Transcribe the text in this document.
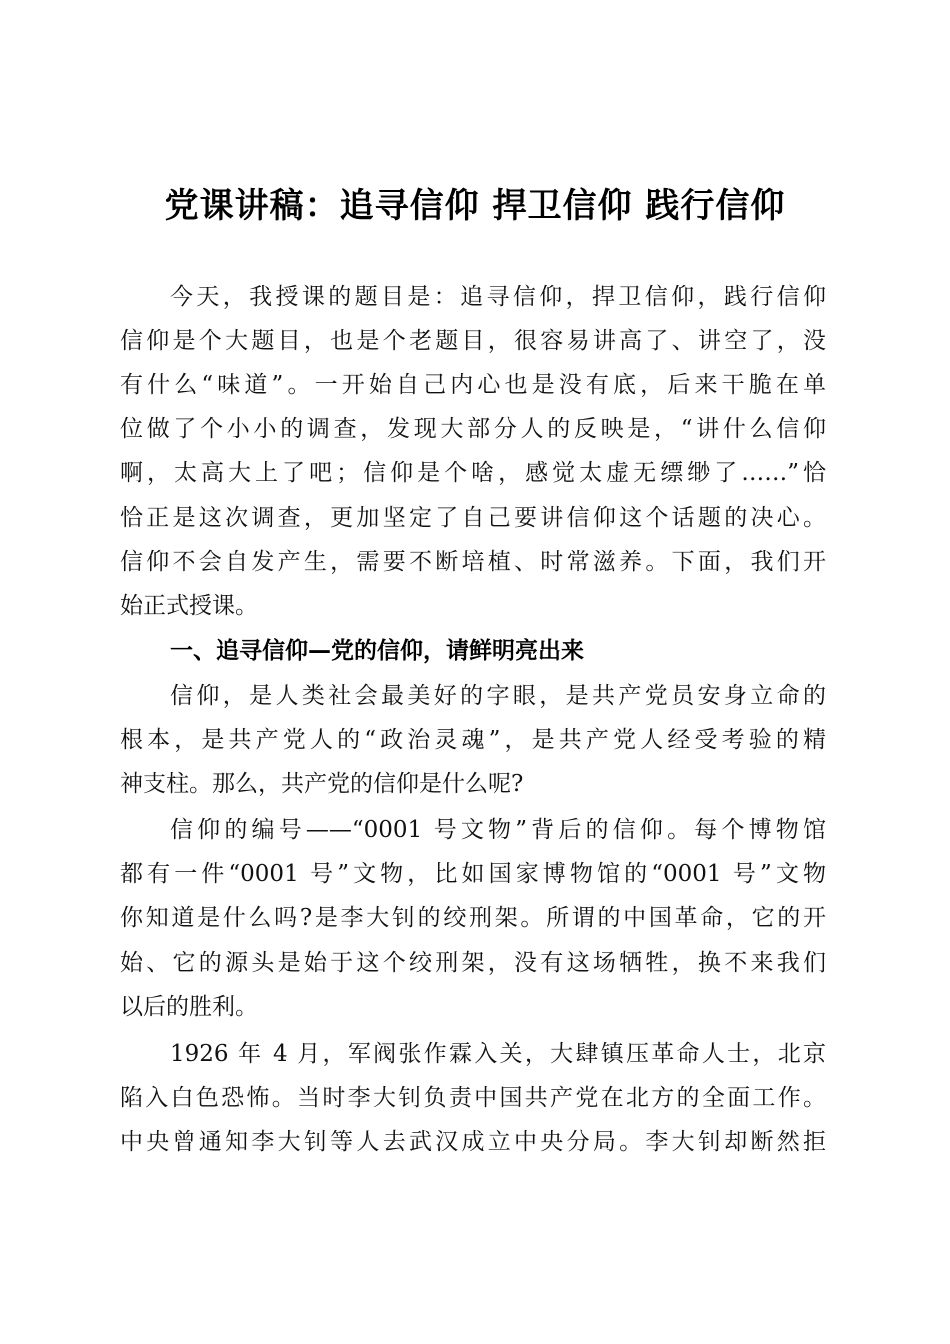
党课讲稿：追寻信仰 捍卫信仰 践行信仰
今天，我授课的题目是：追寻信仰，捍卫信仰，践行信仰
信仰是个大题目，也是个老题目，很容易讲高了、讲空了，没
有什么“味道”。一开始自己内心也是没有底，后来干脆在单
位做了个小小的调查，发现大部分人的反映是，“讲什么信仰
啊，太高大上了吧；信仰是个啥，感觉太虚无缥缈了……”恰
恰正是这次调查，更加坚定了自己要讲信仰这个话题的决心。
信仰不会自发产生，需要不断培植、时常滋养。下面，我们开
始正式授课。
一、追寻信仰—党的信仰，请鲜明亮出来
信仰，是人类社会最美好的字眼，是共产党员安身立命的
根本，是共产党人的“政治灵魂”，是共产党人经受考验的精
神支柱。那么，共产党的信仰是什么呢?
信仰的编号——“0001 号文物”背后的信仰。每个博物馆
都有一件“0001 号”文物，比如国家博物馆的“0001 号”文物
你知道是什么吗?是李大钊的绞刑架。所谓的中国革命，它的开
始、它的源头是始于这个绞刑架，没有这场牺牲，换不来我们
以后的胜利。
1926 年 4 月，军阀张作霖入关，大肆镇压革命人士，北京
陷入白色恐怖。当时李大钊负责中国共产党在北方的全面工作。
中央曾通知李大钊等人去武汉成立中央分局。李大钊却断然拒
